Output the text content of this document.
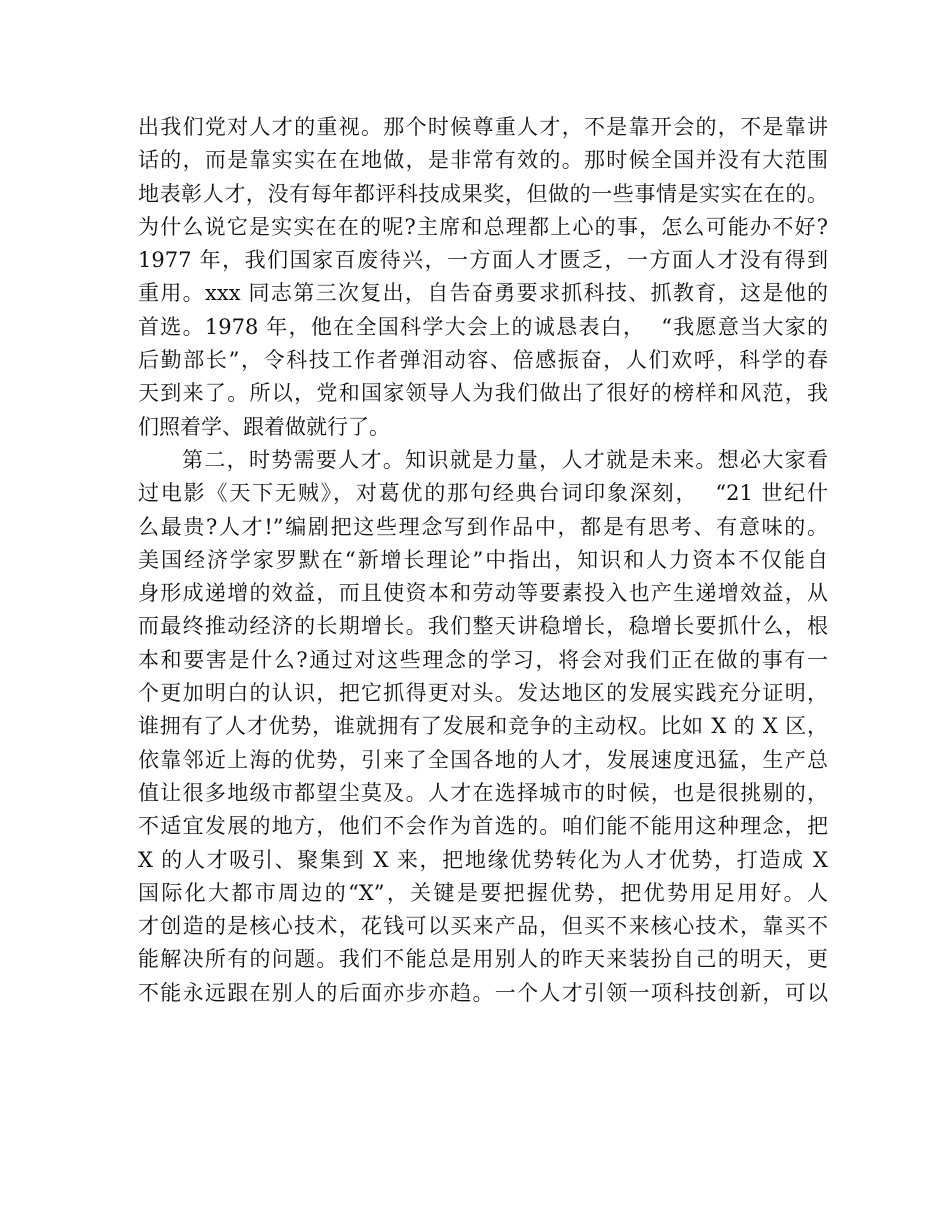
出我们党对人才的重视。那个时候尊重人才，不是靠开会的，不是靠讲
话的，而是靠实实在在地做，是非常有效的。那时候全国并没有大范围
地表彰人才，没有每年都评科技成果奖，但做的一些事情是实实在在的。
为什么说它是实实在在的呢?主席和总理都上心的事，怎么可能办不好?
1977 年，我们国家百废待兴，一方面人才匮乏，一方面人才没有得到
重用。xxx 同志第三次复出，自告奋勇要求抓科技、抓教育，这是他的
首选。1978 年，他在全国科学大会上的诚恳表白，  “我愿意当大家的
后勤部长”，令科技工作者弹泪动容、倍感振奋，人们欢呼，科学的春
天到来了。所以，党和国家领导人为我们做出了很好的榜样和风范，我
们照着学、跟着做就行了。
第二，时势需要人才。知识就是力量，人才就是未来。想必大家看
过电影《天下无贼》，对葛优的那句经典台词印象深刻，  “21 世纪什
么最贵?人才!”编剧把这些理念写到作品中，都是有思考、有意味的。
美国经济学家罗默在“新增长理论”中指出，知识和人力资本不仅能自
身形成递增的效益，而且使资本和劳动等要素投入也产生递增效益，从
而最终推动经济的长期增长。我们整天讲稳增长，稳增长要抓什么，根
本和要害是什么?通过对这些理念的学习，将会对我们正在做的事有一
个更加明白的认识，把它抓得更对头。发达地区的发展实践充分证明，
谁拥有了人才优势，谁就拥有了发展和竞争的主动权。比如 X 的 X 区，
依靠邻近上海的优势，引来了全国各地的人才，发展速度迅猛，生产总
值让很多地级市都望尘莫及。人才在选择城市的时候，也是很挑剔的，
不适宜发展的地方，他们不会作为首选的。咱们能不能用这种理念，把
X 的人才吸引、聚集到 X 来，把地缘优势转化为人才优势，打造成 X
国际化大都市周边的“X”，关键是要把握优势，把优势用足用好。人
才创造的是核心技术，花钱可以买来产品，但买不来核心技术，靠买不
能解决所有的问题。我们不能总是用别人的昨天来装扮自己的明天，更
不能永远跟在别人的后面亦步亦趋。一个人才引领一项科技创新，可以
